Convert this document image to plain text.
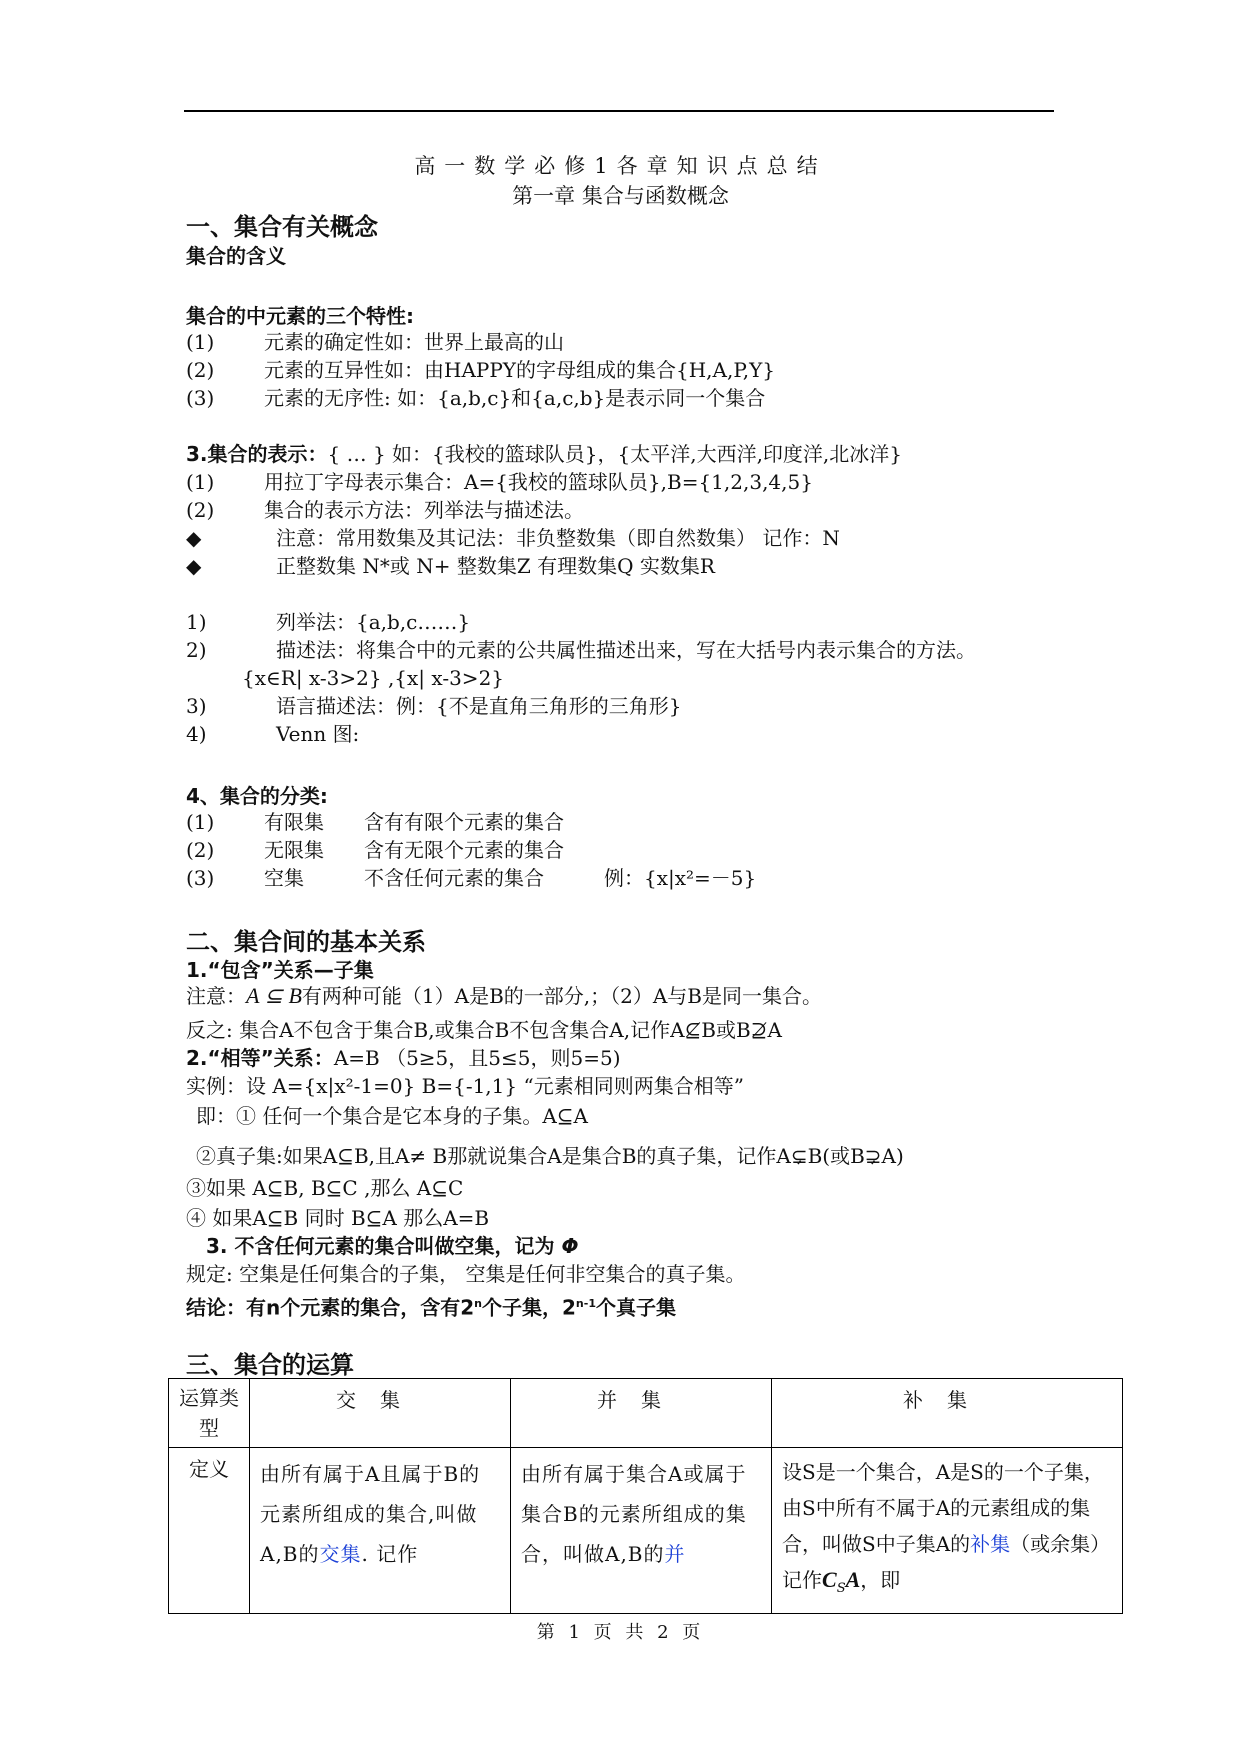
高一数学必修1各章知识点总结
第一章 集合与函数概念
一、集合有关概念
集合的含义
集合的中元素的三个特性:
(1) 元素的确定性如：世界上最高的山
(2) 元素的互异性如：由HAPPY的字母组成的集合{H,A,P,Y}
(3) 元素的无序性: 如：{a,b,c}和{a,c,b}是表示同一个集合
3.集合的表示：{ … } 如：{我校的篮球队员}，{太平洋,大西洋,印度洋,北冰洋}
(1) 用拉丁字母表示集合：A={我校的篮球队员},B={1,2,3,4,5}
(2) 集合的表示方法：列举法与描述法。
◆	注意：常用数集及其记法：非负整数集（即自然数集） 记作：N
◆	正整数集 N*或 N+ 整数集Z 有理数集Q 实数集R
1)	列举法：{a,b,c……}
2)	描述法：将集合中的元素的公共属性描述出来，写在大括号内表示集合的方法。
{x∈R| x-3>2} ,{x| x-3>2}
3)	语言描述法：例：{不是直角三角形的三角形}
4)	Venn 图:
4、集合的分类:
(1) 有限集 含有有限个元素的集合
(2) 无限集 含有无限个元素的集合
(3) 空集	不含任何元素的集合	例：{x|x²=－5}
二、集合间的基本关系
1.“包含”关系—子集
注意：A ⊆ B有两种可能（1）A是B的一部分,；（2）A与B是同一集合。
反之: 集合A不包含于集合B,或集合B不包含集合A,记作A⊈B或B⊉A
2.“相等”关系：A=B （5≥5，且5≤5，则5=5)
实例：设 A={x|x²-1=0} B={-1,1} “元素相同则两集合相等”
即：① 任何一个集合是它本身的子集。A⊆A
②真子集:如果A⊆B,且A≠ B那就说集合A是集合B的真子集，记作A⊊B(或B⊋A)
③如果 A⊆B, B⊆C ,那么 A⊆C
④ 如果A⊆B 同时 B⊆A 那么A=B
3. 不含任何元素的集合叫做空集，记为 Φ
规定: 空集是任何集合的子集， 空集是任何非空集合的真子集。
结论：有n个元素的集合，含有2$^n$个子集，2$^{n-1}$个真子集
三、集合的运算
运算类型	交集	并集	补集
定义	由所有属于A且属于B的元素所组成的集合,叫做A,B的交集. 记作	由所有属于集合A或属于集合B的元素所组成的集合，叫做A,B的并	设S是一个集合，A是S的一个子集，由S中所有不属于A的元素组成的集合，叫做S中子集A的补集（或余集）记作$C_SA$，即
第 1 页 共 2 页
